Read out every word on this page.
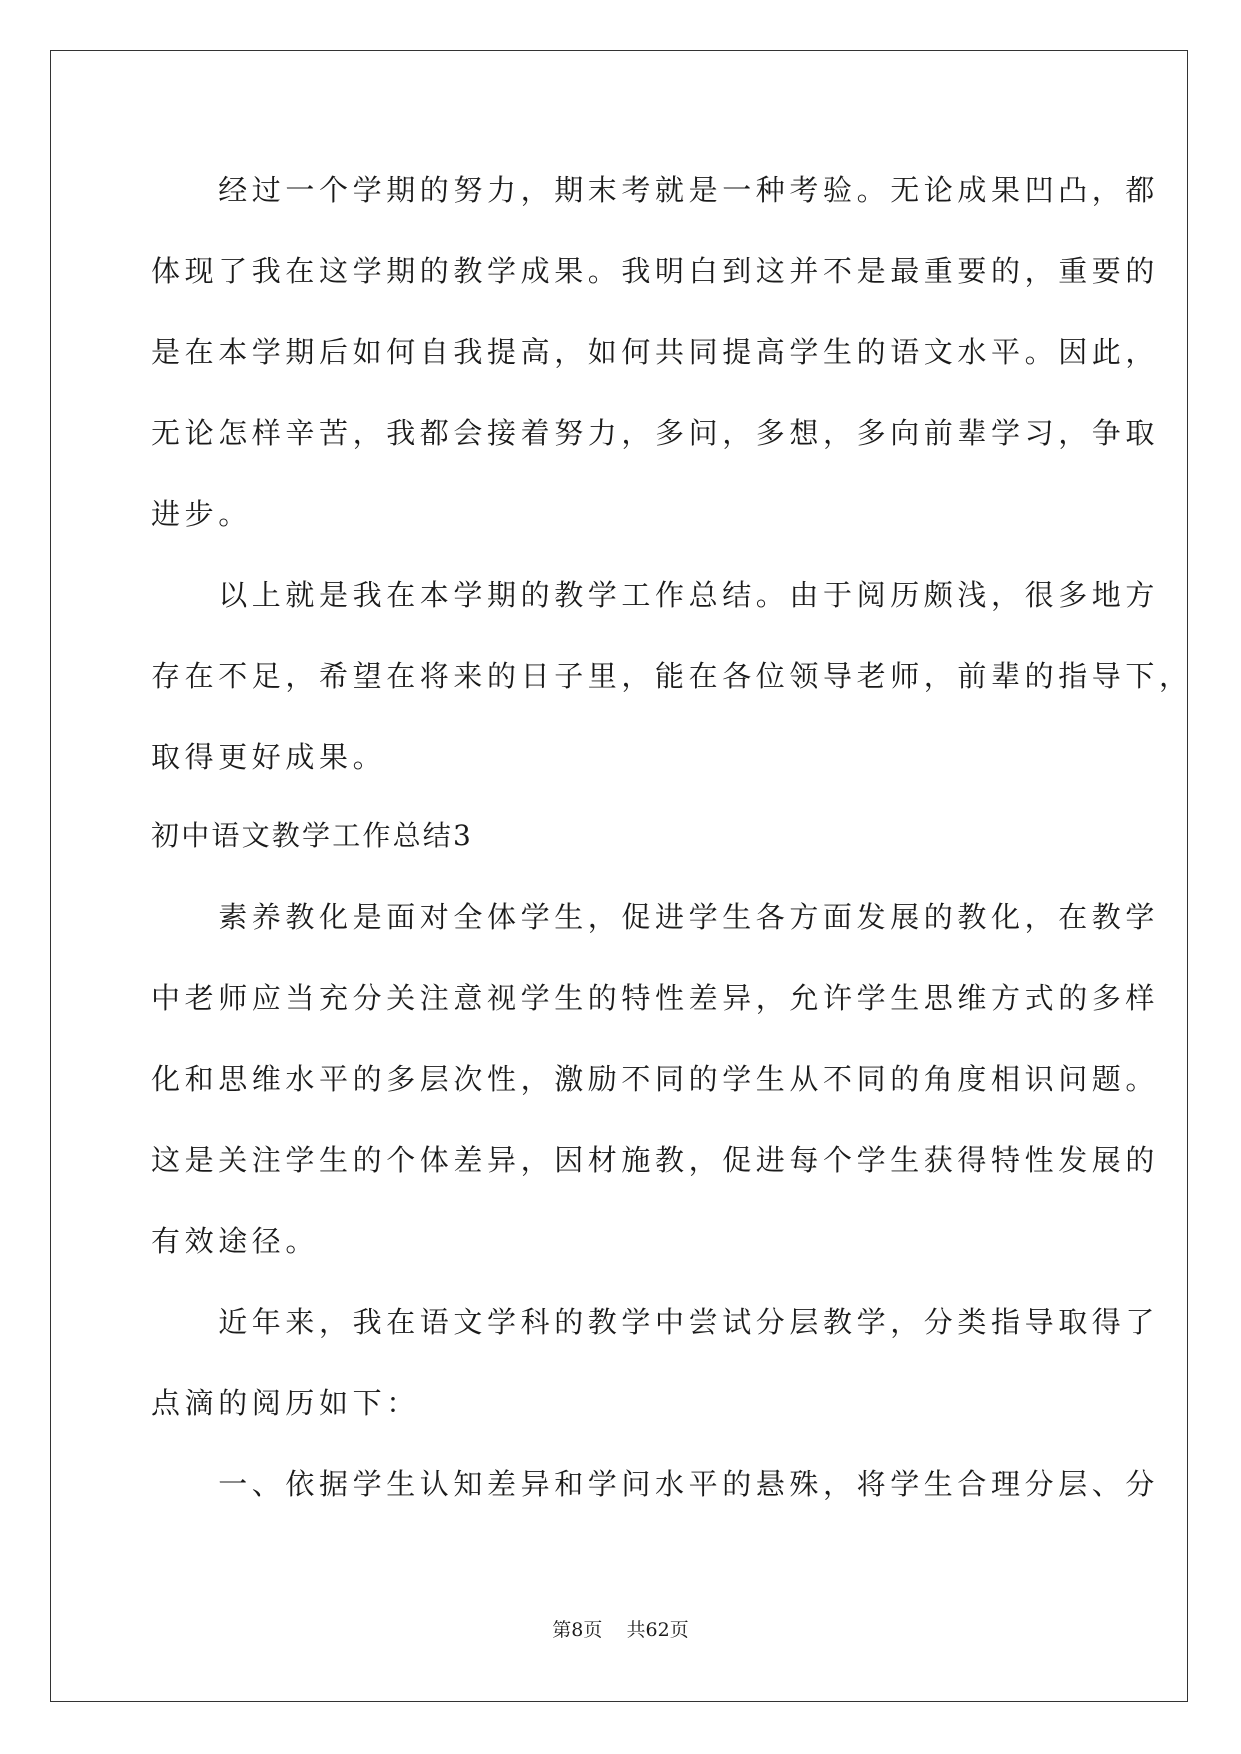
　　经过一个学期的努力，期末考就是一种考验。无论成果凹凸，都
体现了我在这学期的教学成果。我明白到这并不是最重要的，重要的
是在本学期后如何自我提高，如何共同提高学生的语文水平。因此，
无论怎样辛苦，我都会接着努力，多问，多想，多向前辈学习，争取
进步。
　　以上就是我在本学期的教学工作总结。由于阅历颇浅，很多地方
存在不足，希望在将来的日子里，能在各位领导老师，前辈的指导下，
取得更好成果。
初中语文教学工作总结3
　　素养教化是面对全体学生，促进学生各方面发展的教化，在教学
中老师应当充分关注意视学生的特性差异，允许学生思维方式的多样
化和思维水平的多层次性，激励不同的学生从不同的角度相识问题。
这是关注学生的个体差异，因材施教，促进每个学生获得特性发展的
有效途径。
　　近年来，我在语文学科的教学中尝试分层教学，分类指导取得了
点滴的阅历如下：
　　一、依据学生认知差异和学问水平的悬殊，将学生合理分层、分
第8页 共62页
